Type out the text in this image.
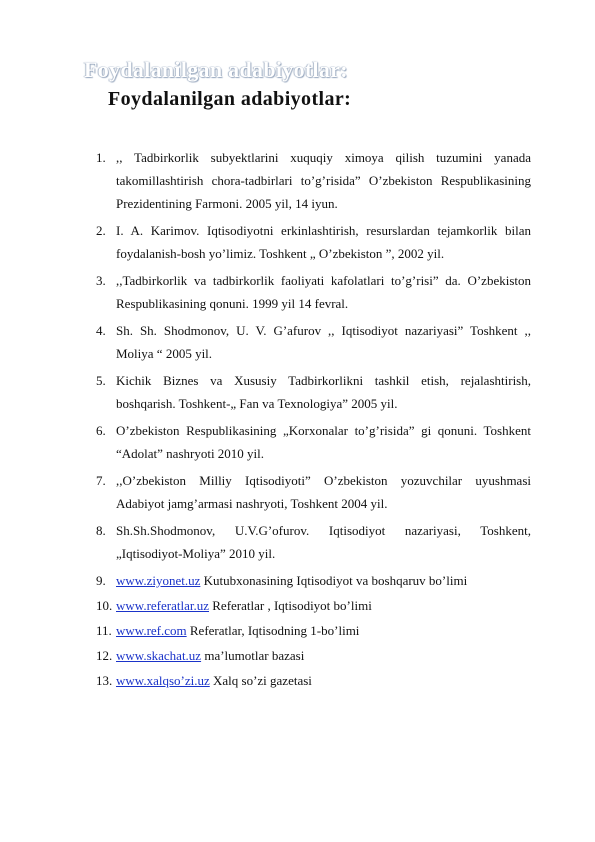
Foydalanilgan adabiyotlar:
Foydalanilgan adabiyotlar:
1. ,, Tadbirkorlik subyektlarini xuquqiy ximoya qilish tuzumini yanada takomillashtirish chora-tadbirlari to’g’risida” O’zbekiston Respublikasining Prezidentining Farmoni. 2005 yil, 14 iyun.
2. I. A. Karimov. Iqtisodiyotni erkinlashtirish, resurslardan tejamkorlik bilan foydalanish-bosh yo’limiz. Toshkent „ O’zbekiston ”, 2002 yil.
3. ,,Tadbirkorlik va tadbirkorlik faoliyati kafolatlari to’g’risi” da. O’zbekiston Respublikasining qonuni. 1999 yil 14 fevral.
4. Sh. Sh. Shodmonov, U. V. G’afurov ,, Iqtisodiyot nazariyasi” Toshkent ,, Moliya “ 2005 yil.
5. Kichik Biznes va Xususiy Tadbirkorlikni tashkil etish, rejalashtirish, boshqarish. Toshkent-„ Fan va Texnologiya” 2005 yil.
6. O’zbekiston Respublikasining „Korxonalar to’g’risida” gi qonuni. Toshkent “Adolat” nashryoti 2010 yil.
7. ,,O’zbekiston Milliy Iqtisodiyoti” O’zbekiston yozuvchilar uyushmasi Adabiyot jamg’armasi nashryoti, Toshkent 2004 yil.
8. Sh.Sh.Shodmonov, U.V.G’ofurov. Iqtisodiyot nazariyasi, Toshkent, „Iqtisodiyot-Moliya” 2010 yil.
9. www.ziyonet.uz Kutubxonasining Iqtisodiyot va boshqaruv bo’limi
10. www.referatlar.uz Referatlar , Iqtisodiyot bo’limi
11. www.ref.com Referatlar, Iqtisodning 1-bo’limi
12. www.skachat.uz ma’lumotlar bazasi
13. www.xalqso’zi.uz Xalq so’zi gazetasi
